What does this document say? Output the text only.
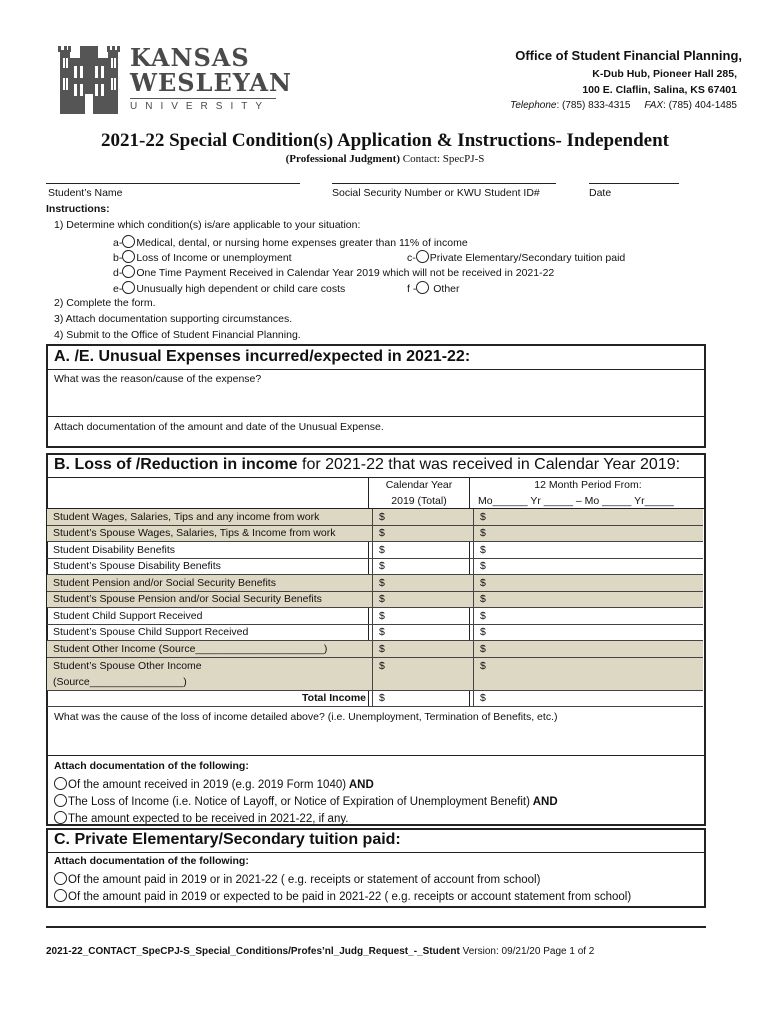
KANSAS
WESLEYAN
UNIVERSITY
Office of Student Financial Planning,
K-Dub Hub, Pioneer Hall 285,
100 E. Claflin, Salina, KS 67401
Telephone: (785) 833-4315 FAX: (785) 404-1485
2021-22 Special Condition(s) Application & Instructions- Independent
(Professional Judgment) Contact: SpecPJ-S
Student’s Name	Social Security Number or KWU Student ID#	Date
Instructions:
1) Determine which condition(s) is/are applicable to your situation:
a- Medical, dental, or nursing home expenses greater than 11% of income
b- Loss of Income or unemployment	c- Private Elementary/Secondary tuition paid
d- One Time Payment Received in Calendar Year 2019 which will not be received in 2021-22
e- Unusually high dependent or child care costs	f - Other
2) Complete the form.
3) Attach documentation supporting circumstances.
4) Submit to the Office of Student Financial Planning.
A. /E. Unusual Expenses incurred/expected in 2021-22:
What was the reason/cause of the expense?
Attach documentation of the amount and date of the Unusual Expense.
B. Loss of /Reduction in income for 2021-22 that was received in Calendar Year 2019:
Calendar Year
2019 (Total)
12 Month Period From:
Mo______ Yr _____ – Mo _____ Yr_____
Student Wages, Salaries, Tips and any income from work	$	$
Student’s Spouse Wages, Salaries, Tips & Income from work	$	$
Student Disability Benefits	$	$
Student’s Spouse Disability Benefits	$	$
Student Pension and/or Social Security Benefits	$	$
Student’s Spouse Pension and/or Social Security Benefits	$	$
Student Child Support Received	$	$
Student’s Spouse Child Support Received	$	$
Student Other Income (Source______________________)	$	$
Student’s Spouse Other Income
(Source________________)	$	$
Total Income	$	$
What was the cause of the loss of income detailed above? (i.e. Unemployment, Termination of Benefits, etc.)
Attach documentation of the following:
Of the amount received in 2019 (e.g. 2019 Form 1040) AND
The Loss of Income (i.e. Notice of Layoff, or Notice of Expiration of Unemployment Benefit) AND
The amount expected to be received in 2021-22, if any.
C. Private Elementary/Secondary tuition paid:
Attach documentation of the following:
Of the amount paid in 2019 or in 2021-22 ( e.g. receipts or statement of account from school)
Of the amount paid in 2019 or expected to be paid in 2021-22 ( e.g. receipts or account statement from school)
2021-22_CONTACT_SpeCPJ-S_Special_Conditions/Profes’nl_Judg_Request_-_Student Version: 09/21/20 Page 1 of 2
